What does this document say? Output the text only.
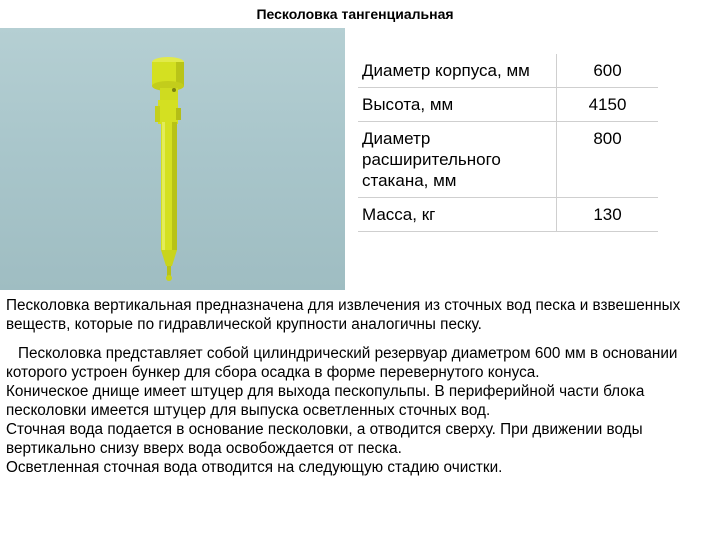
Песколовка тангенциальная
Диаметр корпуса, мм	600
Высота, мм	4150
Диаметр расширительного стакана, мм	800
Масса, кг	130

Песколовка вертикальная предназначена для извлечения из сточных вод песка и взвешенных веществ, которые по гидравлической крупности аналогичны песку.

Песколовка представляет собой цилиндрический резервуар диаметром 600 мм в основании которого устроен бункер для сбора осадка в форме перевернутого конуса.

Коническое днище имеет штуцер для выхода пескопульпы. В периферийной части блока песколовки имеется штуцер для выпуска осветленных сточных вод.

Сточная вода подается в основание песколовки, а отводится сверху. При движении воды вертикально снизу вверх вода освобождается от песка.

Осветленная сточная вода отводится на следующую стадию очистки.
